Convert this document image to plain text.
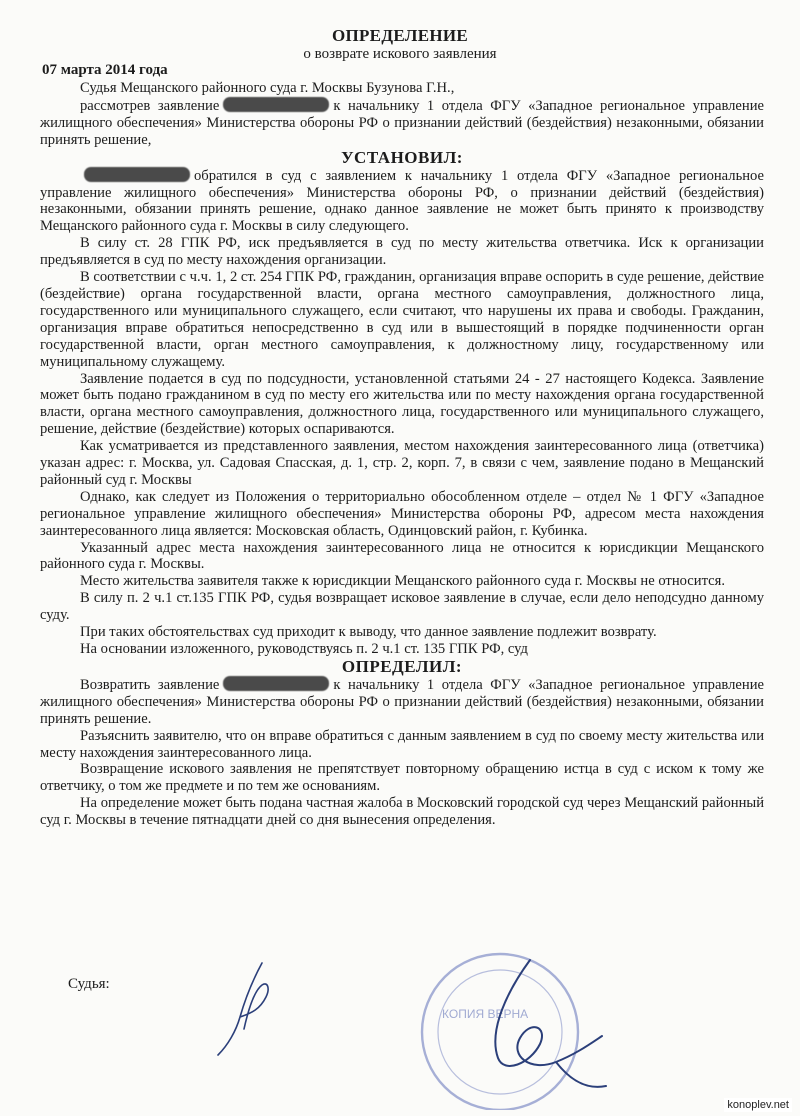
ОПРЕДЕЛЕНИЕ
о возврате искового заявления
07 марта 2014 года

Судья Мещанского районного суда г. Москвы Бузунова Г.Н.,

рассмотрев заявление	к начальнику 1 отдела ФГУ «Западное региональное управление жилищного обеспечения» Министерства обороны РФ о признании действий (бездействия) незаконными, обязании принять решение,

УСТАНОВИЛ:

обратился в суд с заявлением к начальнику 1 отдела ФГУ «Западное региональное управление жилищного обеспечения» Министерства обороны РФ, о признании действий (бездействия) незаконными, обязании принять решение, однако данное заявление не может быть принято к производству Мещанского районного суда г. Москвы в силу следующего.

В силу ст. 28 ГПК РФ, иск предъявляется в суд по месту жительства ответчика. Иск к организации предъявляется в суд по месту нахождения организации.

В соответствии с ч.ч. 1, 2 ст. 254 ГПК РФ, гражданин, организация вправе оспорить в суде решение, действие (бездействие) органа государственной власти, органа местного самоуправления, должностного лица, государственного или муниципального служащего, если считают, что нарушены их права и свободы. Гражданин, организация вправе обратиться непосредственно в суд или в вышестоящий в порядке подчиненности орган государственной власти, орган местного самоуправления, к должностному лицу, государственному или муниципальному служащему.

Заявление подается в суд по подсудности, установленной статьями 24 - 27 настоящего Кодекса. Заявление может быть подано гражданином в суд по месту его жительства или по месту нахождения органа государственной власти, органа местного самоуправления, должностного лица, государственного или муниципального служащего, решение, действие (бездействие) которых оспариваются.

Как усматривается из представленного заявления, местом нахождения заинтересованного лица (ответчика) указан адрес: г. Москва, ул. Садовая Спасская, д. 1, стр. 2, корп. 7, в связи с чем, заявление подано в Мещанский районный суд г. Москвы

Однако, как следует из Положения о территориально обособленном отделе – отдел № 1 ФГУ «Западное региональное управление жилищного обеспечения» Министерства обороны РФ, адресом места нахождения заинтересованного лица является: Московская область, Одинцовский район, г. Кубинка.

Указанный адрес места нахождения заинтересованного лица не относится к юрисдикции Мещанского районного суда г. Москвы.

Место жительства заявителя также к юрисдикции Мещанского районного суда г. Москвы не относится.

В силу п. 2 ч.1 ст.135 ГПК РФ, судья возвращает исковое заявление в случае, если дело неподсудно данному суду.

При таких обстоятельствах суд приходит к выводу, что данное заявление подлежит возврату.

На основании изложенного, руководствуясь п. 2 ч.1 ст. 135 ГПК РФ, суд

ОПРЕДЕЛИЛ:

Возвратить заявление	к начальнику 1 отдела ФГУ «Западное региональное управление жилищного обеспечения» Министерства обороны РФ о признании действий (бездействия) незаконными, обязании принять решение.

Разъяснить заявителю, что он вправе обратиться с данным заявлением в суд по своему месту жительства или месту нахождения заинтересованного лица.

Возвращение искового заявления не препятствует повторному обращению истца в суд с иском к тому же ответчику, о том же предмете и по тем же основаниям.

На определение может быть подана частная жалоба в Московский городской суд через Мещанский районный суд г. Москвы в течение пятнадцати дней со дня вынесения определения.

Судья:
КОПИЯ ВЕРНА
konoplev.net
